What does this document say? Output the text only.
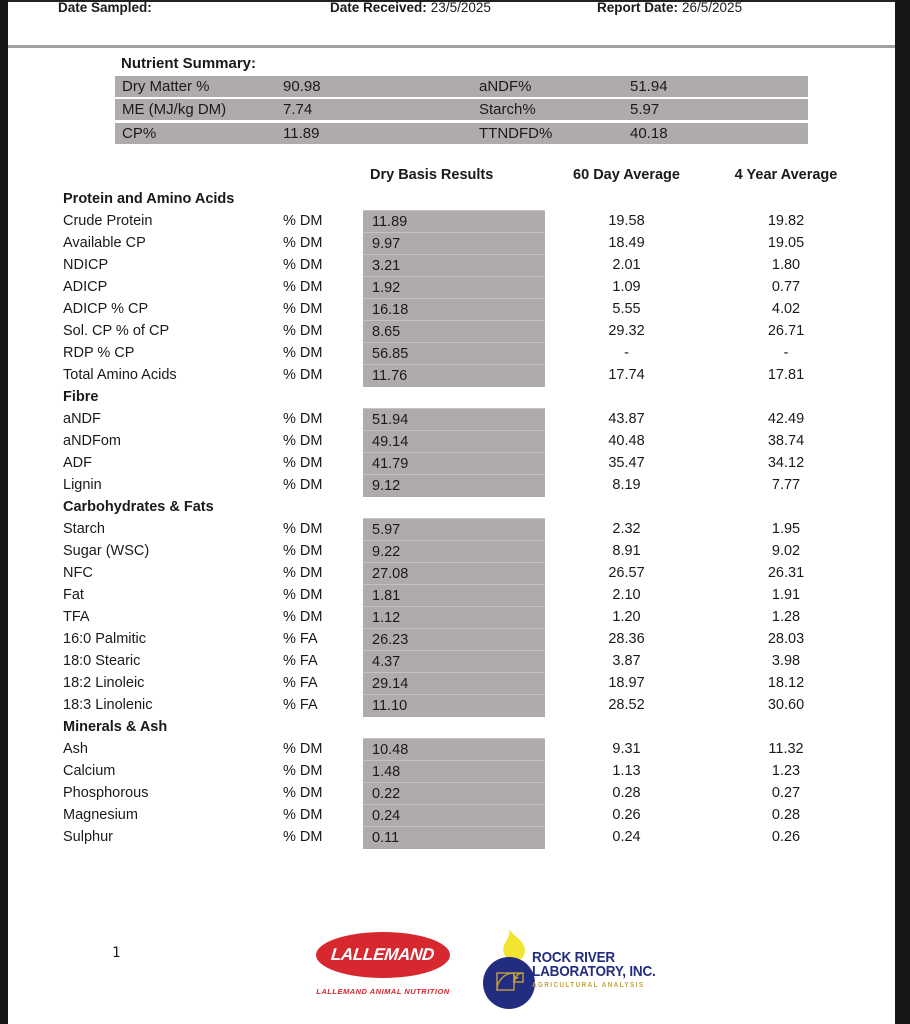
Date Sampled:	Date Received: 23/5/2025	Report Date: 26/5/2025
Nutrient Summary:
Dry Matter %	90.98	aNDF%	51.94
ME (MJ/kg DM)	7.74	Starch%	5.97
CP%	11.89	TTNDFD%	40.18
Dry Basis Results	60 Day Average	4 Year Average
Protein and Amino Acids
Crude Protein	% DM	11.89	19.58	19.82
Available CP	% DM	9.97	18.49	19.05
NDICP	% DM	3.21	2.01	1.80
ADICP	% DM	1.92	1.09	0.77
ADICP % CP	% DM	16.18	5.55	4.02
Sol. CP % of CP	% DM	8.65	29.32	26.71
RDP % CP	% DM	56.85	-	-
Total Amino Acids	% DM	11.76	17.74	17.81
Fibre
aNDF	% DM	51.94	43.87	42.49
aNDFom	% DM	49.14	40.48	38.74
ADF	% DM	41.79	35.47	34.12
Lignin	% DM	9.12	8.19	7.77
Carbohydrates & Fats
Starch	% DM	5.97	2.32	1.95
Sugar (WSC)	% DM	9.22	8.91	9.02
NFC	% DM	27.08	26.57	26.31
Fat	% DM	1.81	2.10	1.91
TFA	% DM	1.12	1.20	1.28
16:0 Palmitic	% FA	26.23	28.36	28.03
18:0 Stearic	% FA	4.37	3.87	3.98
18:2 Linoleic	% FA	29.14	18.97	18.12
18:3 Linolenic	% FA	11.10	28.52	30.60
Minerals & Ash
Ash	% DM	10.48	9.31	11.32
Calcium	% DM	1.48	1.13	1.23
Phosphorous	% DM	0.22	0.28	0.27
Magnesium	% DM	0.24	0.26	0.28
Sulphur	% DM	0.11	0.24	0.26
1	LALLEMAND
LALLEMAND ANIMAL NUTRITION
ROCK RIVER
LABORATORY, INC.
AGRICULTURAL ANALYSIS
